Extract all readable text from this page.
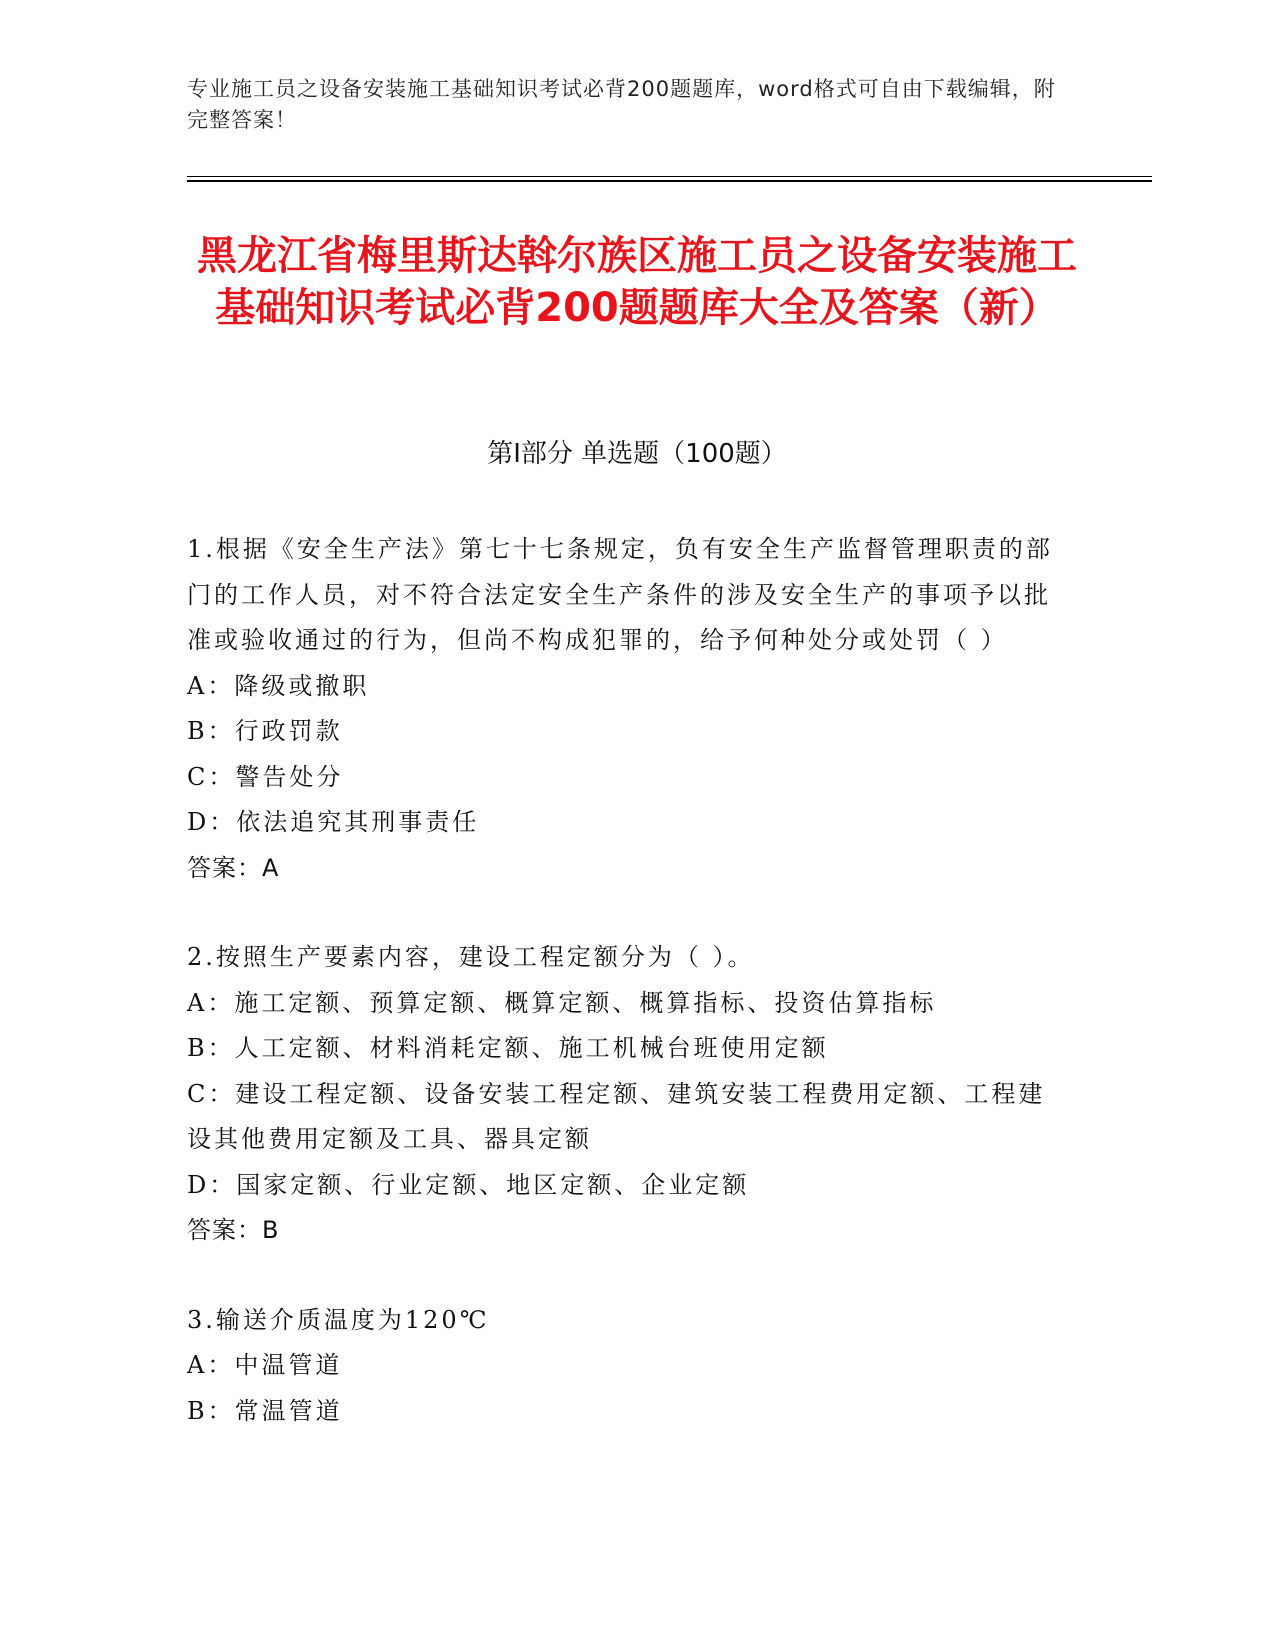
专业施工员之设备安装施工基础知识考试必背200题题库，word格式可自由下载编辑，附完整答案！
黑龙江省梅里斯达斡尔族区施工员之设备安装施工基础知识考试必背200题题库大全及答案（新）
第Ⅰ部分 单选题（100题）
1.根据《安全生产法》第七十七条规定，负有安全生产监督管理职责的部门的工作人员，对不符合法定安全生产条件的涉及安全生产的事项予以批准或验收通过的行为，但尚不构成犯罪的，给予何种处分或处罚（ ）
A：降级或撤职
B：行政罚款
C：警告处分
D：依法追究其刑事责任
答案：A
2.按照生产要素内容，建设工程定额分为（ ）。
A：施工定额、预算定额、概算定额、概算指标、投资估算指标
B：人工定额、材料消耗定额、施工机械台班使用定额
C：建设工程定额、设备安装工程定额、建筑安装工程费用定额、工程建设其他费用定额及工具、器具定额
D：国家定额、行业定额、地区定额、企业定额
答案：B
3.输送介质温度为120℃
A：中温管道
B：常温管道
